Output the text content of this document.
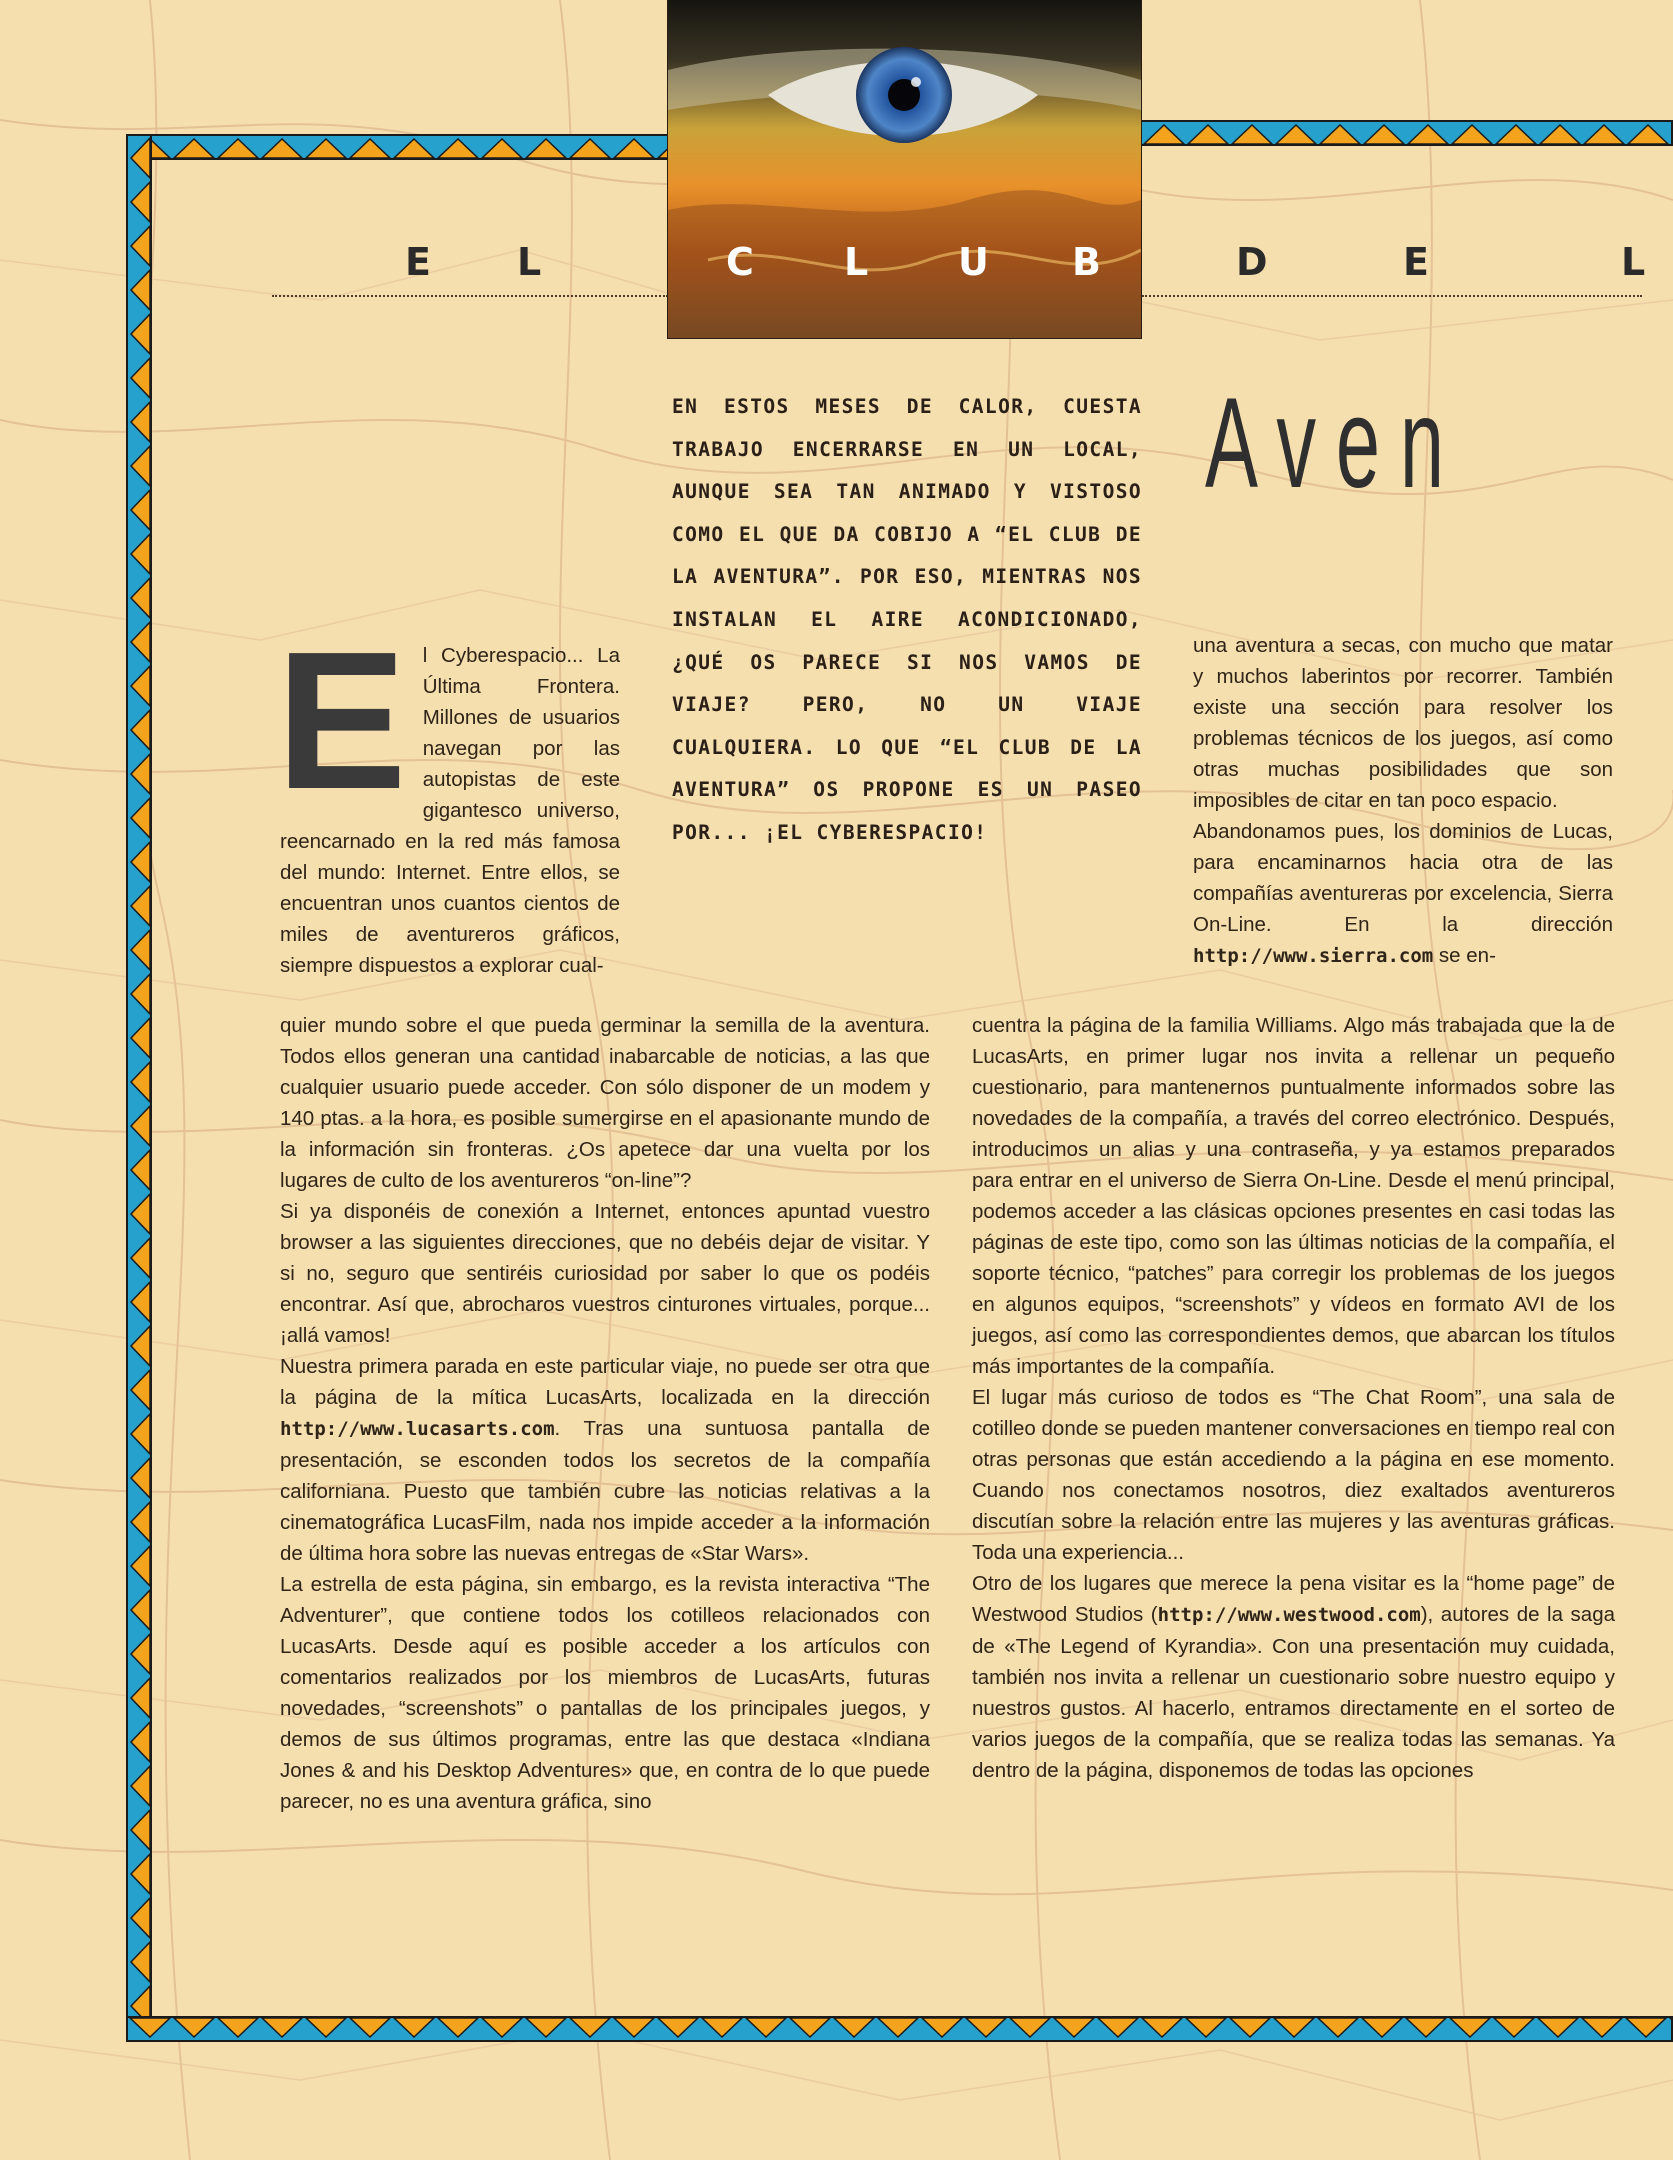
E L	C L U B	D	E	L
Aven
EN ESTOS MESES DE CALOR, CUESTA TRABAJO ENCERRARSE EN UN LOCAL, AUNQUE SEA TAN ANIMADO Y VISTOSO COMO EL QUE DA COBIJO A “EL CLUB DE LA AVENTURA”. POR ESO, MIENTRAS NOS INSTALAN EL AIRE ACONDICIONADO, ¿QUÉ OS PARECE SI NOS VAMOS DE VIAJE? PERO, NO UN VIAJE CUALQUIERA. LO QUE “EL CLUB DE LA AVENTURA” OS PROPONE ES UN PASEO POR... ¡EL CYBERESPACIO!
E l Cyberespacio... La Última Frontera. Millones de usuarios navegan por las autopistas de este gigantesco universo, reencarnado en la red más famosa del mundo: Internet. Entre ellos, se encuentran unos cuantos cientos de miles de aventureros gráficos, siempre dispuestos a explorar cual-

quier mundo sobre el que pueda germinar la semilla de la aventura. Todos ellos generan una cantidad inabarcable de noticias, a las que cualquier usuario puede acceder. Con sólo disponer de un modem y 140 ptas. a la hora, es posible sumergirse en el apasionante mundo de la información sin fronteras. ¿Os apetece dar una vuelta por los lugares de culto de los aventureros “on-line”?

Si ya disponéis de conexión a Internet, entonces apuntad vuestro browser a las siguientes direcciones, que no debéis dejar de visitar. Y si no, seguro que sentiréis curiosidad por saber lo que os podéis encontrar. Así que, abrocharos vuestros cinturones virtuales, porque... ¡allá vamos!

Nuestra primera parada en este particular viaje, no puede ser otra que la página de la mítica LucasArts, localizada en la dirección http://www.lucasarts.com. Tras una suntuosa pantalla de presentación, se esconden todos los secretos de la compañía californiana. Puesto que también cubre las noticias relativas a la cinematográfica LucasFilm, nada nos impide acceder a la información de última hora sobre las nuevas entregas de «Star Wars».

La estrella de esta página, sin embargo, es la revista interactiva “The Adventurer”, que contiene todos los cotilleos relacionados con LucasArts. Desde aquí es posible acceder a los artículos con comentarios realizados por los miembros de LucasArts, futuras novedades, “screenshots” o pantallas de los principales juegos, y demos de sus últimos programas, entre las que destaca «Indiana Jones & and his Desktop Adventures» que, en contra de lo que puede parecer, no es una aventura gráfica, sino

una aventura a secas, con mucho que matar y muchos laberintos por recorrer. También existe una sección para resolver los problemas técnicos de los juegos, así como otras muchas posibilidades que son imposibles de citar en tan poco espacio.

Abandonamos pues, los dominios de Lucas, para encaminarnos hacia otra de las compañías aventureras por excelencia, Sierra On-Line. En la dirección http://www.sierra.com se en-

cuentra la página de la familia Williams. Algo más trabajada que la de LucasArts, en primer lugar nos invita a rellenar un pequeño cuestionario, para mantenernos puntualmente informados sobre las novedades de la compañía, a través del correo electrónico. Después, introducimos un alias y una contraseña, y ya estamos preparados para entrar en el universo de Sierra On-Line. Desde el menú principal, podemos acceder a las clásicas opciones presentes en casi todas las páginas de este tipo, como son las últimas noticias de la compañía, el soporte técnico, “patches” para corregir los problemas de los juegos en algunos equipos, “screenshots” y vídeos en formato AVI de los juegos, así como las correspondientes demos, que abarcan los títulos más importantes de la compañía.

El lugar más curioso de todos es “The Chat Room”, una sala de cotilleo donde se pueden mantener conversaciones en tiempo real con otras personas que están accediendo a la página en ese momento. Cuando nos conectamos nosotros, diez exaltados aventureros discutían sobre la relación entre las mujeres y las aventuras gráficas. Toda una experiencia...

Otro de los lugares que merece la pena visitar es la “home page” de Westwood Studios (http://www.westwood.com), autores de la saga de «The Legend of Kyrandia». Con una presentación muy cuidada, también nos invita a rellenar un cuestionario sobre nuestro equipo y nuestros gustos. Al hacerlo, entramos directamente en el sorteo de varios juegos de la compañía, que se realiza todas las semanas. Ya dentro de la página, disponemos de todas las opciones
